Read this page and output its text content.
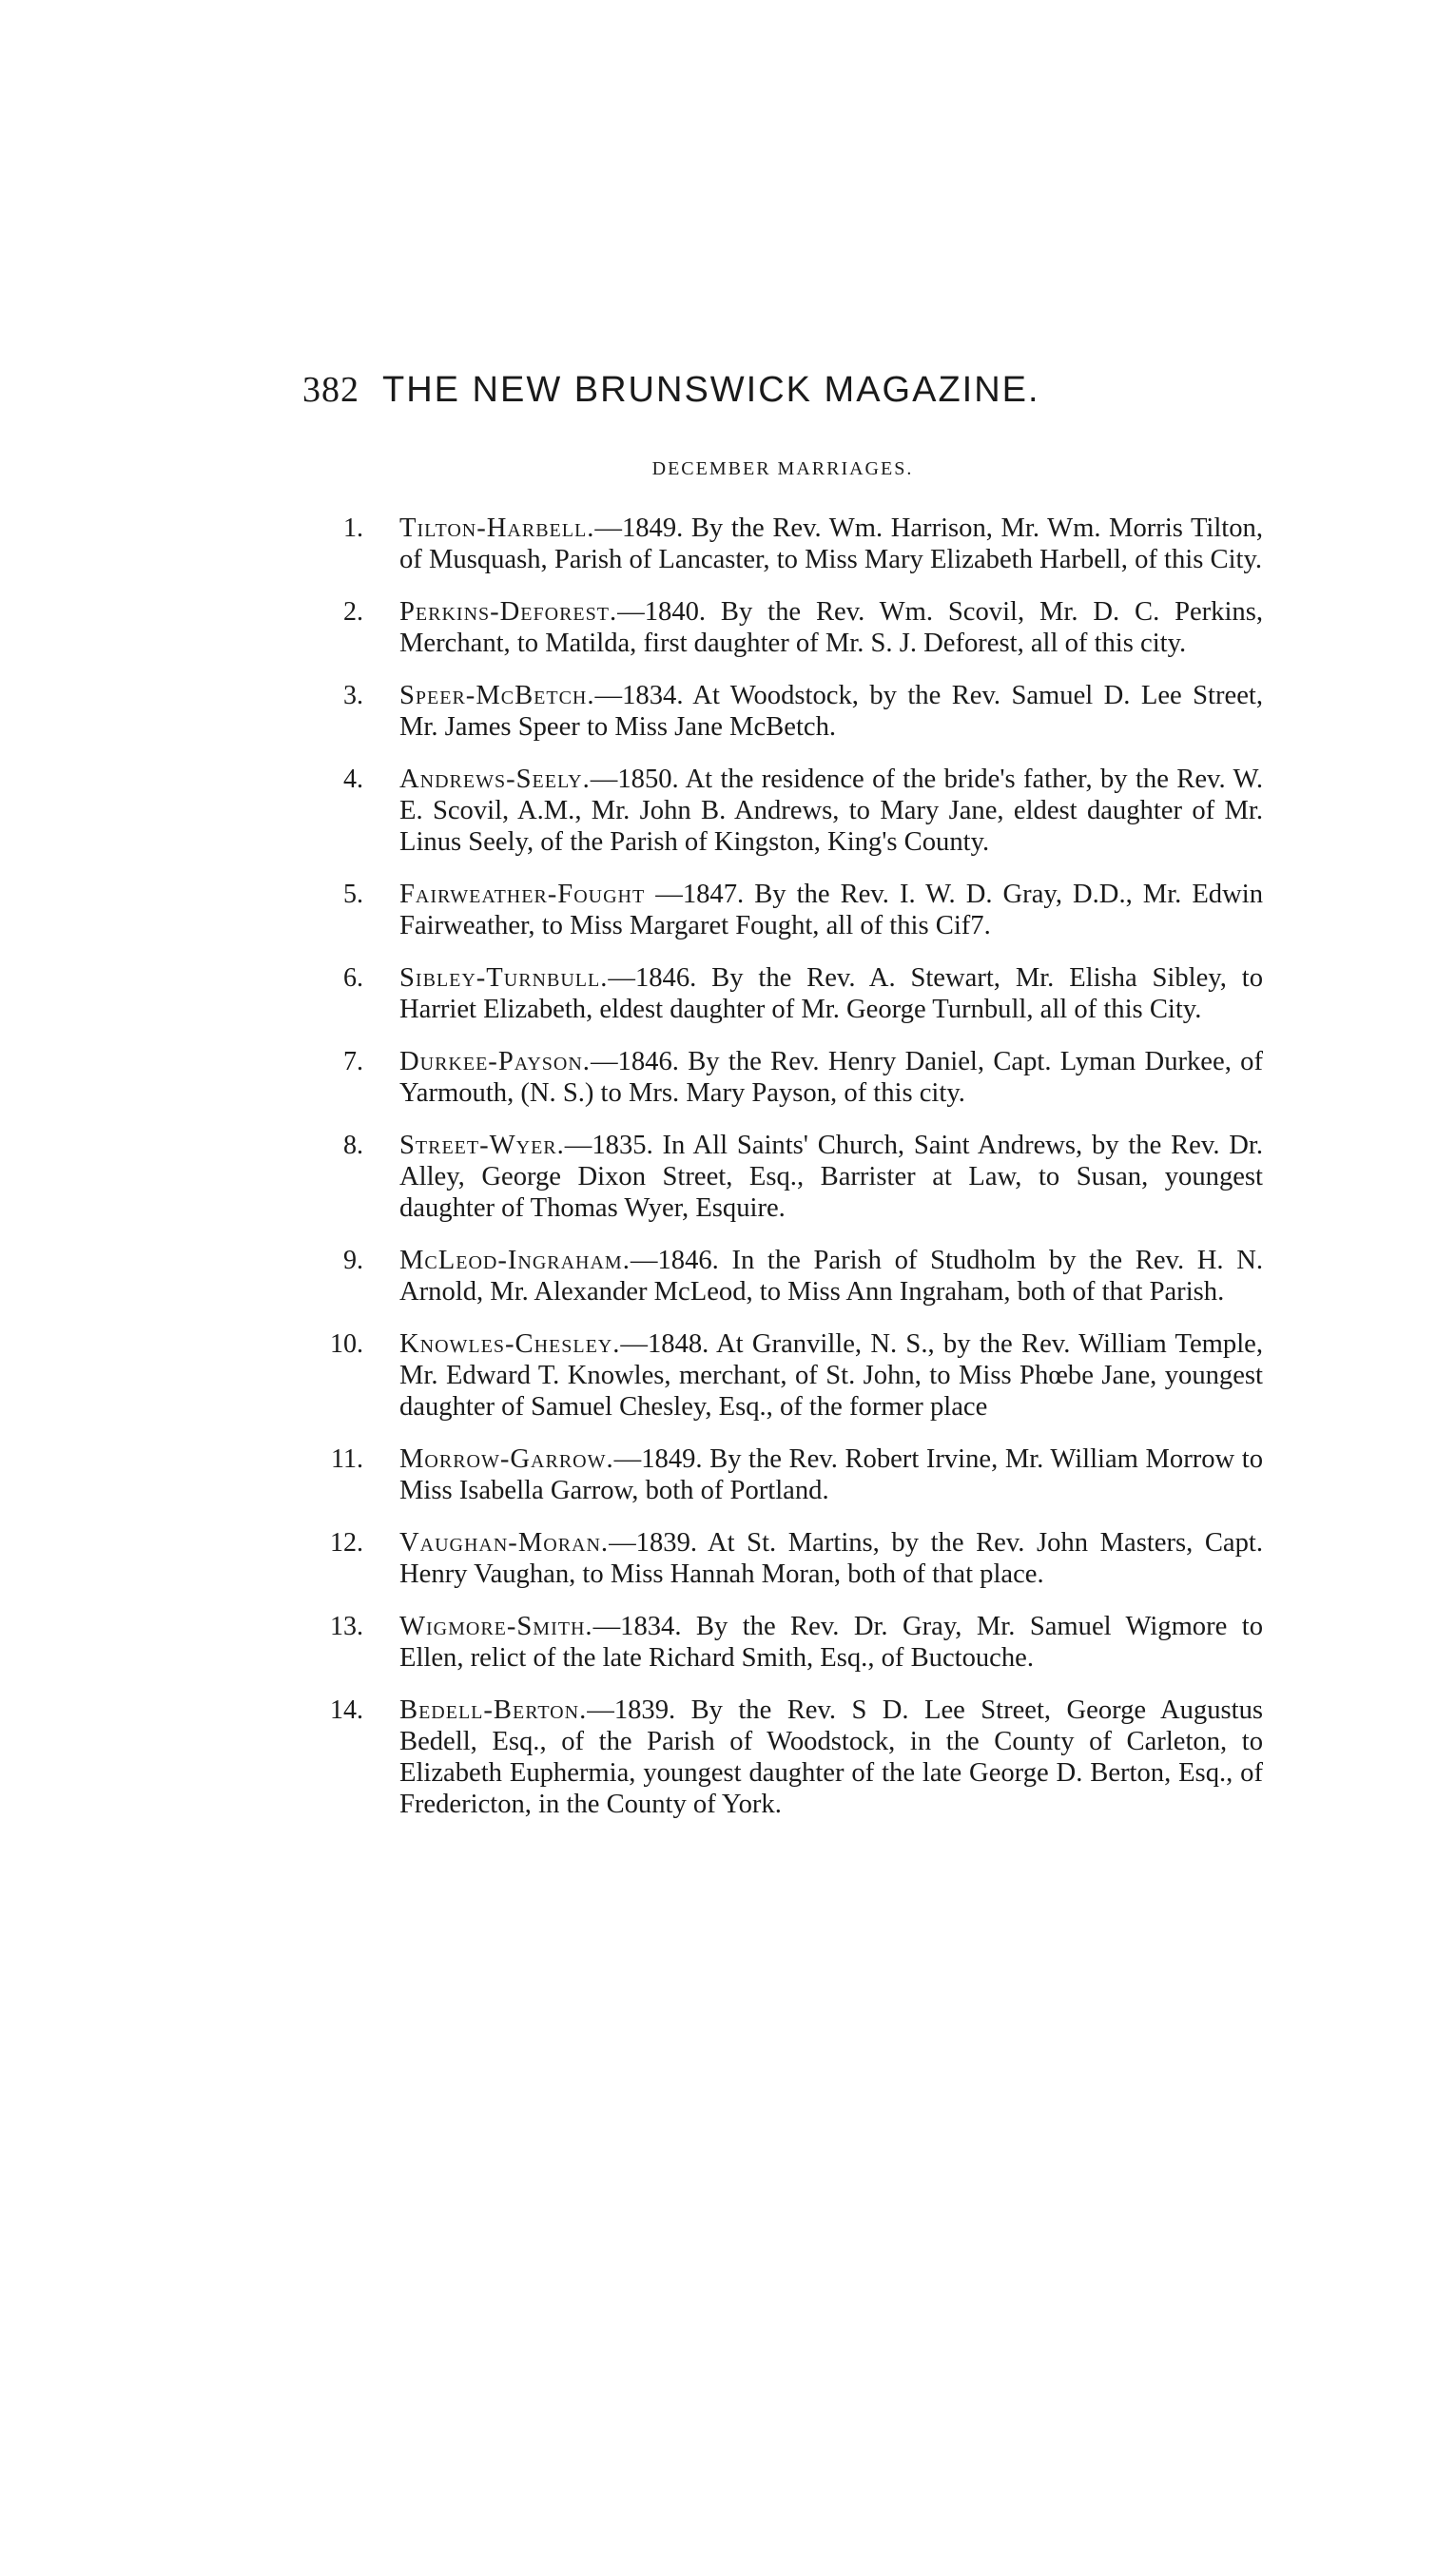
382 THE NEW BRUNSWICK MAGAZINE.
DECEMBER MARRIAGES.
1. Tilton-Harbell.—1849. By the Rev. Wm. Harrison, Mr. Wm. Morris Tilton, of Musquash, Parish of Lancaster, to Miss Mary Elizabeth Harbell, of this City.
2. Perkins-Deforest.—1840. By the Rev. Wm. Scovil, Mr. D. C. Perkins, Merchant, to Matilda, first daughter of Mr. S. J. Deforest, all of this city.
3. Speer-McBetch.—1834. At Woodstock, by the Rev. Samuel D. Lee Street, Mr. James Speer to Miss Jane McBetch.
4. Andrews-Seely.—1850. At the residence of the bride's father, by the Rev. W. E. Scovil, A.M., Mr. John B. Andrews, to Mary Jane, eldest daughter of Mr. Linus Seely, of the Parish of Kingston, King's County.
5. Fairweather-Fought —1847. By the Rev. I. W. D. Gray, D.D., Mr. Edwin Fairweather, to Miss Margaret Fought, all of this Cif7.
6. Sibley-Turnbull.—1846. By the Rev. A. Stewart, Mr. Elisha Sibley, to Harriet Elizabeth, eldest daughter of Mr. George Turnbull, all of this City.
7. Durkee-Payson.—1846. By the Rev. Henry Daniel, Capt. Lyman Durkee, of Yarmouth, (N. S.) to Mrs. Mary Payson, of this city.
8. Street-Wyer.—1835. In All Saints' Church, Saint Andrews, by the Rev. Dr. Alley, George Dixon Street, Esq., Barrister at Law, to Susan, youngest daughter of Thomas Wyer, Esquire.
9. McLeod-Ingraham.—1846. In the Parish of Studholm by the Rev. H. N. Arnold, Mr. Alexander McLeod, to Miss Ann Ingraham, both of that Parish.
10. Knowles-Chesley.—1848. At Granville, N. S., by the Rev. William Temple, Mr. Edward T. Knowles, merchant, of St. John, to Miss Phœbe Jane, youngest daughter of Samuel Chesley, Esq., of the former place
11. Morrow-Garrow.—1849. By the Rev. Robert Irvine, Mr. William Morrow to Miss Isabella Garrow, both of Portland.
12. Vaughan-Moran.—1839. At St. Martins, by the Rev. John Masters, Capt. Henry Vaughan, to Miss Hannah Moran, both of that place.
13. Wigmore-Smith.—1834. By the Rev. Dr. Gray, Mr. Samuel Wigmore to Ellen, relict of the late Richard Smith, Esq., of Buctouche.
14. Bedell-Berton.—1839. By the Rev. S D. Lee Street, George Augustus Bedell, Esq., of the Parish of Woodstock, in the County of Carleton, to Elizabeth Euphermia, youngest daughter of the late George D. Berton, Esq., of Fredericton, in the County of York.
